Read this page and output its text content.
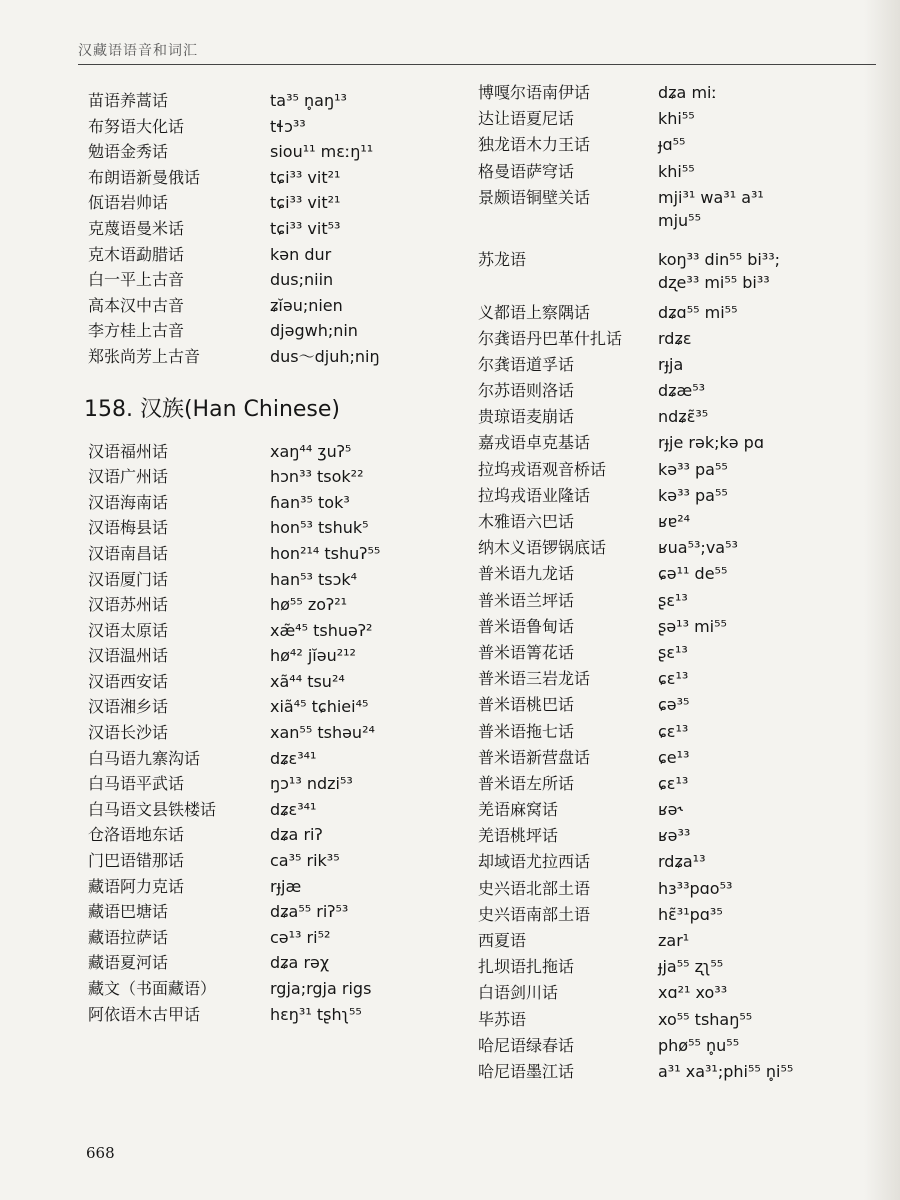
汉藏语语音和词汇
苗语养蒿话	ta³⁵ n̥aŋ¹³
布努语大化话	tɬɔ³³
勉语金秀话	siou¹¹ mɛːŋ¹¹
布朗语新曼俄话	tɕi³³ vit²¹
佤语岩帅话	tɕi³³ vit²¹
克蔑语曼米话	tɕi³³ vit⁵³
克木语勐腊话	kən dur
白一平上古音	dus;niin
高本汉中古音	ʑĭǝu;nien
李方桂上古音	djǝgwh;nin
郑张尚芳上古音	dus～djuh;niŋ
158. 汉族(Han Chinese)
汉语福州话	xaŋ⁴⁴ ʒuʔ⁵
汉语广州话	hɔn³³ tsok²²
汉语海南话	ɦan³⁵ tok³
汉语梅县话	hon⁵³ tshuk⁵
汉语南昌话	hon²¹⁴ tshuʔ⁵⁵
汉语厦门话	han⁵³ tsɔk⁴
汉语苏州话	hø⁵⁵ zoʔ²¹
汉语太原话	xæ̃⁴⁵ tshuǝʔ²
汉语温州话	hø⁴² jĭǝu²¹²
汉语西安话	xã⁴⁴ tsu²⁴
汉语湘乡话	xiã⁴⁵ tɕhiei⁴⁵
汉语长沙话	xan⁵⁵ tshǝu²⁴
白马语九寨沟话	dʑɛ³⁴¹
白马语平武话	ŋɔ¹³ ndzi⁵³
白马语文县铁楼话	dʑɛ³⁴¹
仓洛语地东话	dʑa riʔ
门巴语错那话	ca³⁵ rik³⁵
藏语阿力克话	rɟjæ
藏语巴塘话	dʑa⁵⁵ riʔ⁵³
藏语拉萨话	cǝ¹³ ri⁵²
藏语夏河话	dʑa rǝχ
藏文（书面藏语）	rgja;rgja rigs
阿依语木古甲话	hɛŋ³¹ tʂhʅ⁵⁵
博嘎尔语南伊话	dʑa miː
达让语夏尼话	khi⁵⁵
独龙语木力王话	ɟɑ⁵⁵
格曼语萨穹话	khi⁵⁵
景颇语铜壁关话	mji³¹ wa³¹ a³¹
mju⁵⁵
苏龙语	koŋ³³ din⁵⁵ bi³³;
dʐe³³ mi⁵⁵ bi³³
义都语上察隅话	dʑɑ⁵⁵ mi⁵⁵
尔龚语丹巴革什扎话	rdʑɛ
尔龚语道孚话	rɟja
尔苏语则洛话	dʑæ⁵³
贵琼语麦崩话	ndʑɛ̃³⁵
嘉戎语卓克基话	rɟje rǝk;kǝ pɑ
拉坞戎语观音桥话	kǝ³³ pa⁵⁵
拉坞戎语业隆话	kǝ³³ pa⁵⁵
木雅语六巴话	ʁɐ²⁴
纳木义语锣锅底话	ʁua⁵³;va⁵³
普米语九龙话	ɕǝ¹¹ de⁵⁵
普米语兰坪话	ʂɛ¹³
普米语鲁甸话	ʂǝ¹³ mi⁵⁵
普米语箐花话	ʂɛ¹³
普米语三岩龙话	ɕɛ¹³
普米语桃巴话	ɕǝ³⁵
普米语拖七话	ɕɛ¹³
普米语新营盘话	ɕe¹³
普米语左所话	ɕɛ¹³
羌语麻窝话	ʁǝ˞
羌语桃坪话	ʁǝ³³
却域语尤拉西话	rdʑa¹³
史兴语北部土语	hɜ³³pɑo⁵³
史兴语南部土语	hɛ̃³¹pɑ³⁵
西夏语	zar¹
扎坝语扎拖话	ɟja⁵⁵ ʐʅ⁵⁵
白语剑川话	xɑ²¹ xo³³
毕苏语	xo⁵⁵ tshaŋ⁵⁵
哈尼语绿春话	phø⁵⁵ n̥u⁵⁵
哈尼语墨江话	a³¹ xa³¹;phi⁵⁵ n̥i⁵⁵
668
